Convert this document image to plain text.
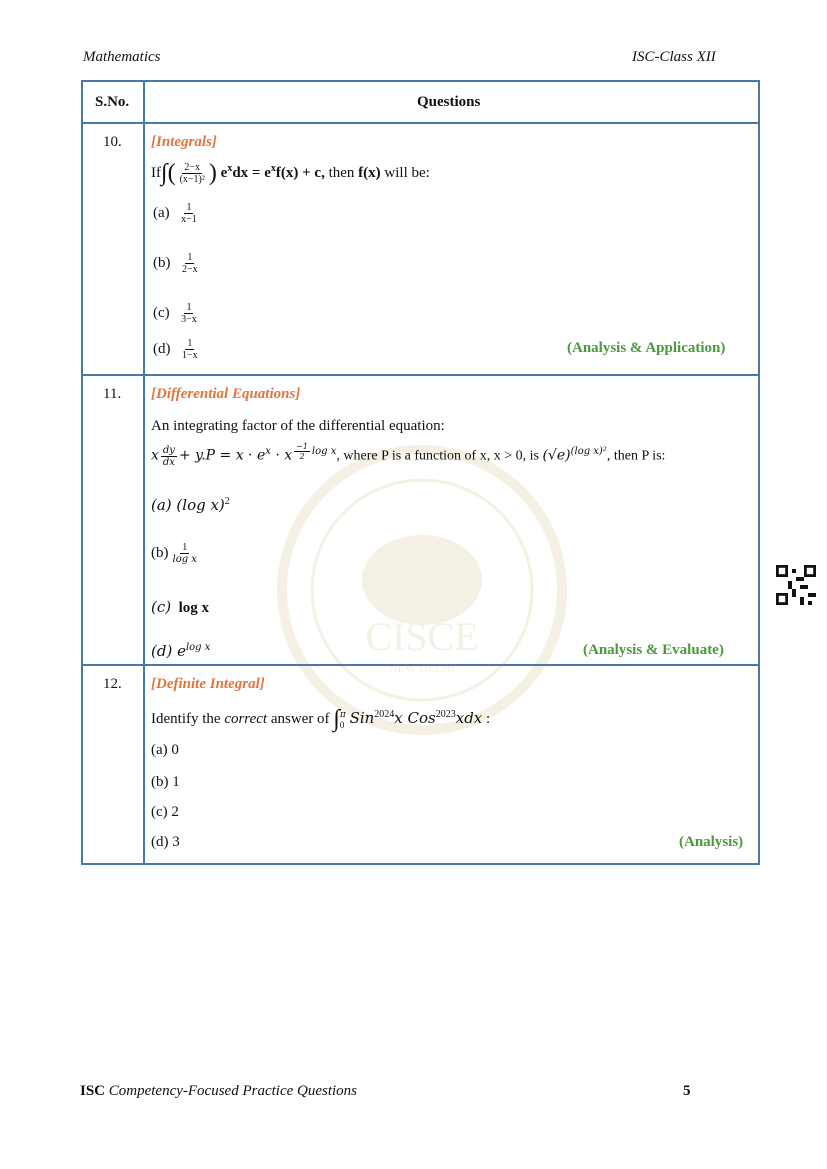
Mathematics	ISC-Class XII
CISCE
NEW DELHI
S.No.	Questions
10. [Integrals]
$If\int( \frac{2-x}{\text{(x−1)²}}$ ) $e^xdx = e^xf(x) + c$, then f(x) will be:
$(a) \frac{1}{x-1}$
$(b) \frac{1}{2-x}$
$(c) \frac{1}{3-x}$
$(d) \frac{1}{1-x}$	(Analysis & Application)
11. [Differential Equations]
An integrating factor of the differential equation:
x $\frac{dy}{dx} + y.P = x \cdot e^x \cdot x$ $^{\frac{-1}{2} log x}$, where P is a function of x, x > 0, is $(√e)^{(log x)^2}$, then P is:
(a) (log x)$^2$
$(b) \frac{1}{\text{log x}}$
(c) log x
(d) $e^{log x}$	(Analysis & Evaluate)
12. [Definite Integral]
Identify the correct answer of ∫ π
0 Sin$^{2024}$x Cos$^{2023}$xdx :
(a) 0
(b) 1
(c) 2
(d) 3	(Analysis)
ISC Competency-Focused Practice Questions	5
